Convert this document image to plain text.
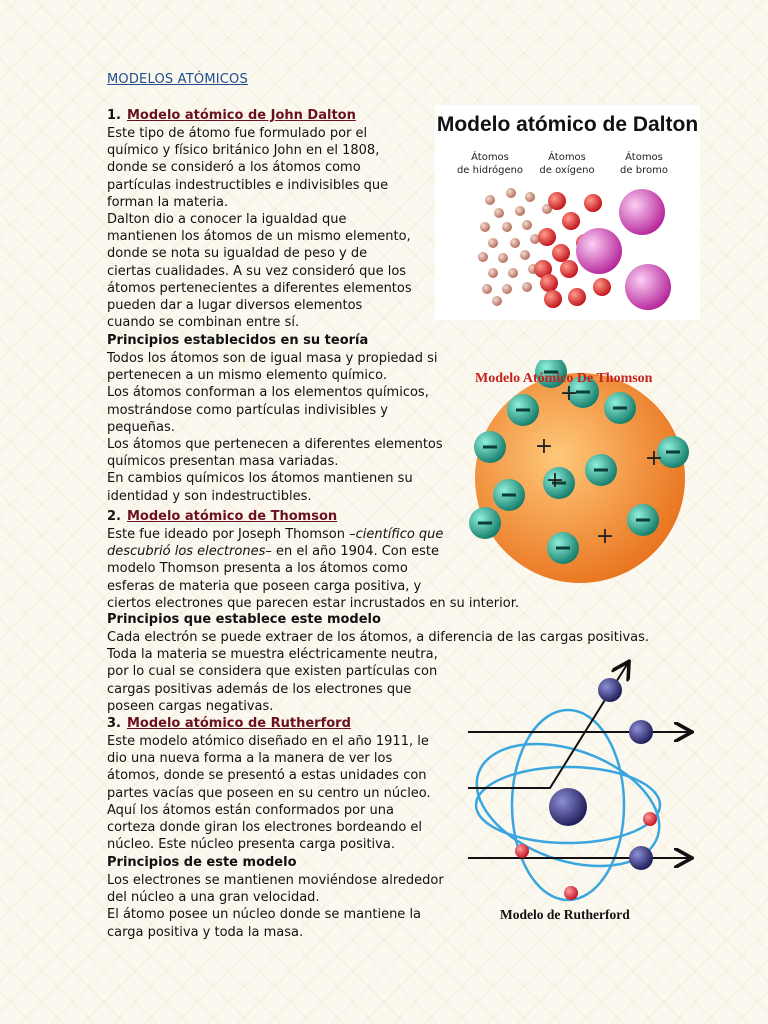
MODELOS ATÓMICOS
1. Modelo atómico de John Dalton
Este tipo de átomo fue formulado por el
químico y físico británico John en el 1808,
donde se consideró a los átomos como
partículas indestructibles e indivisibles que
forman la materia.
Dalton dio a conocer la igualdad que
mantienen los átomos de un mismo elemento,
donde se nota su igualdad de peso y de
ciertas cualidades. A su vez consideró que los
átomos pertenecientes a diferentes elementos
pueden dar a lugar diversos elementos
cuando se combinan entre sí.
Principios establecidos en su teoría
Todos los átomos son de igual masa y propiedad si
pertenecen a un mismo elemento químico.
Los átomos conforman a los elementos químicos,
mostrándose como partículas indivisibles y
pequeñas.
Los átomos que pertenecen a diferentes elementos
químicos presentan masa variadas.
En cambios químicos los átomos mantienen su
identidad y son indestructibles.
2. Modelo atómico de Thomson
Este fue ideado por Joseph Thomson –científico que
descubrió los electrones– en el año 1904. Con este
modelo Thomson presenta a los átomos como
esferas de materia que poseen carga positiva, y
ciertos electrones que parecen estar incrustados en su interior.
Principios que establece este modelo
Cada electrón se puede extraer de los átomos, a diferencia de las cargas positivas.
Toda la materia se muestra eléctricamente neutra,
por lo cual se considera que existen partículas con
cargas positivas además de los electrones que
poseen cargas negativas.
3. Modelo atómico de Rutherford
Este modelo atómico diseñado en el año 1911, le
dio una nueva forma a la manera de ver los
átomos, donde se presentó a estas unidades con
partes vacías que poseen en su centro un núcleo.
Aquí los átomos están conformados por una
corteza donde giran los electrones bordeando el
núcleo. Este núcleo presenta carga positiva.
Principios de este modelo
Los electrones se mantienen moviéndose alrededor
del núcleo a una gran velocidad.
El átomo posee un núcleo donde se mantiene la
carga positiva y toda la masa.
Modelo atómico de Dalton
Átomos
de hidrógeno
Átomos
de oxígeno
Átomos
de bromo
+
+	+
+
+
Modelo Atómico De Thomson
Modelo de Rutherford
